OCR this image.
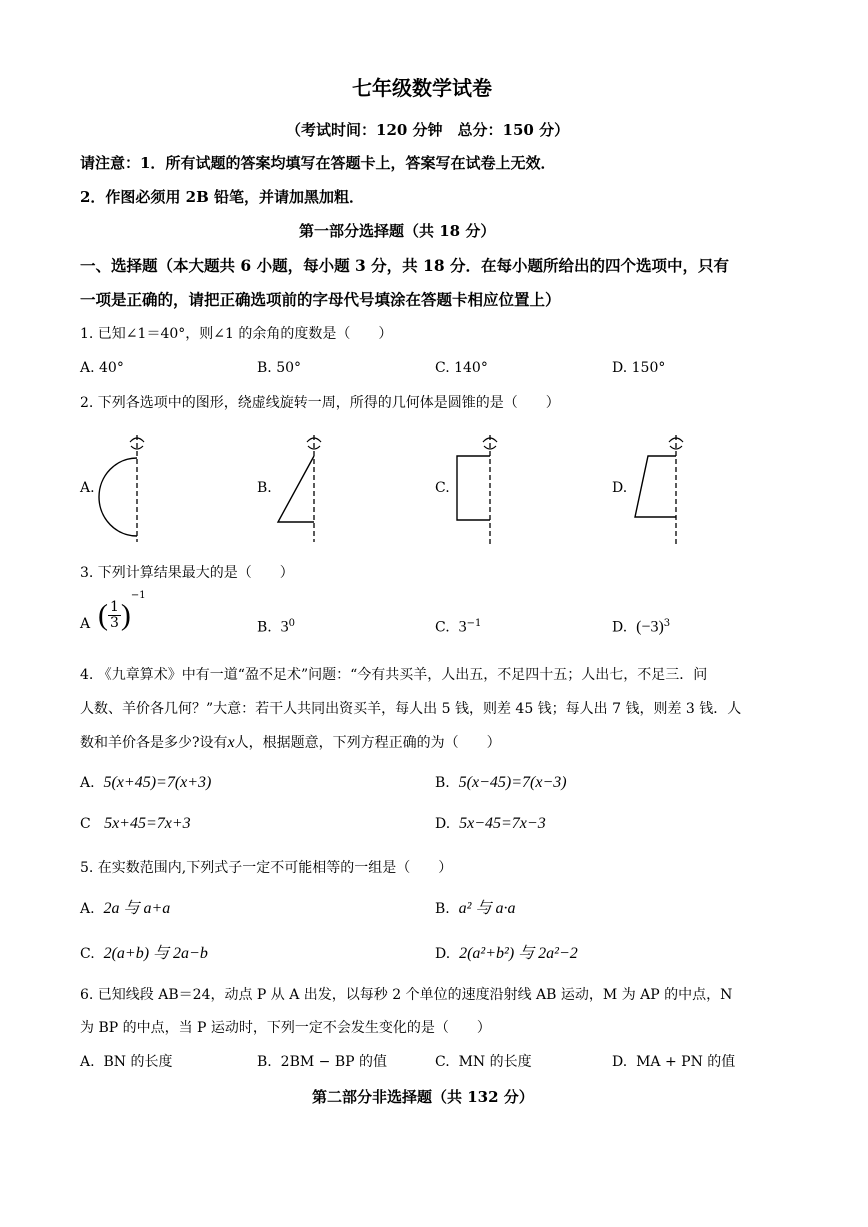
七年级数学试卷
（考试时间：120 分钟　总分：150 分）
请注意：1．所有试题的答案均填写在答题卡上，答案写在试卷上无效．
2．作图必须用 2B 铅笔，并请加黑加粗．
第一部分选择题（共 18 分）
一、选择题（本大题共 6 小题，每小题 3 分，共 18 分．在每小题所给出的四个选项中，只有
一项是正确的，请把正确选项前的字母代号填涂在答题卡相应位置上）
1. 已知∠1＝40°，则∠1 的余角的度数是（　　）
A. 40°	B. 50°	C. 140°	D. 150°
2. 下列各选项中的图形，绕虚线旋转一周，所得的几何体是圆锥的是（　　）
A.	B.	C.	D.
3. 下列计算结果最大的是（　　）
A ( $\frac{1}{3} )^{-1}$
B. $3^0$	C. $3^{-1}$	D. $(-3)^3$
4. 《九章算术》中有一道“盈不足术”问题：“今有共买羊，人出五，不足四十五；人出七，不足三．问
人数、羊价各几何？”大意：若干人共同出资买羊，每人出 5 钱，则差 45 钱；每人出 7 钱，则差 3 钱．人
数和羊价各是多少?设有x人，根据题意，下列方程正确的为（　　）
A. 5(x+45)=7(x+3)	B. 5(x−45)=7(x−3)
C 5x+45=7x+3	D. 5x−45=7x−3
5. 在实数范围内,下列式子一定不可能相等的一组是（　　）
A. 2a 与 a+a	B. a² 与 a·a
C. 2(a+b) 与 2a−b	D. 2(a²+b²) 与 2a²−2
6. 已知线段 AB＝24，动点 P 从 A 出发，以每秒 2 个单位的速度沿射线 AB 运动，M 为 AP 的中点，N
为 BP 的中点，当 P 运动时，下列一定不会发生变化的是（　　）
A. BN 的长度	B. 2BM − BP 的值	C. MN 的长度	D. MA + PN 的值
第二部分非选择题（共 132 分）
